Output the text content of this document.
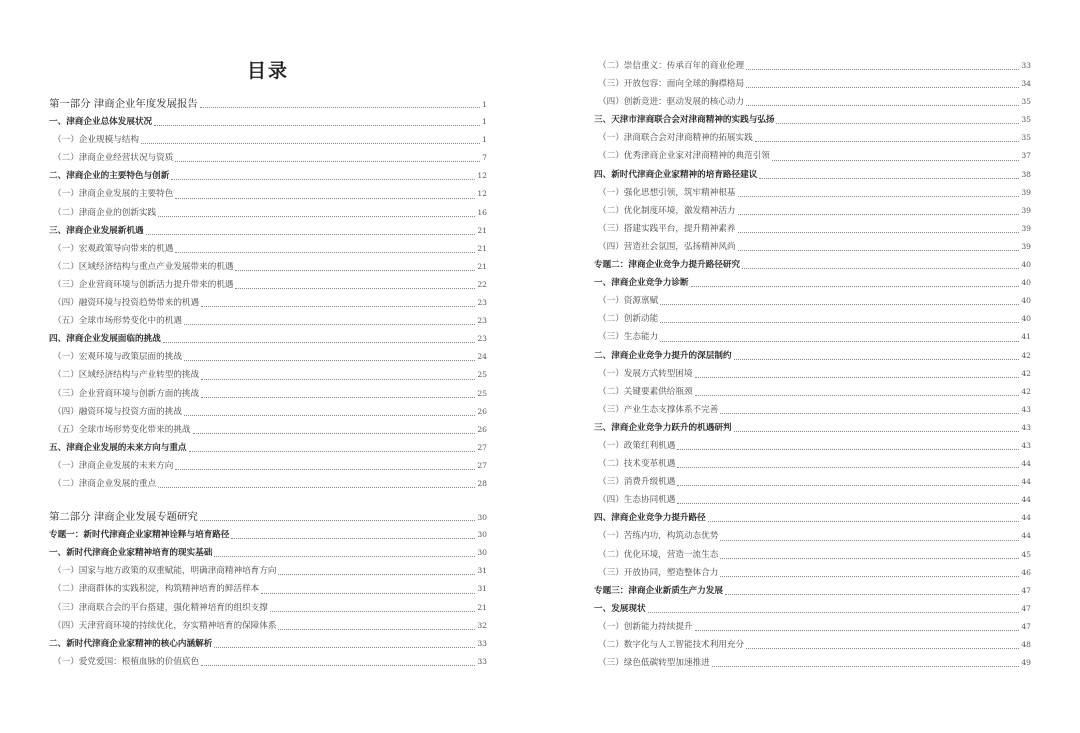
目录
第一部分 津商企业年度发展报告	1
一、津商企业总体发展状况	1
（一）企业规模与结构	1
（二）津商企业经营状况与资质	7
二、津商企业的主要特色与创新	12
（一）津商企业发展的主要特色	12
（二）津商企业的创新实践	16
三、津商企业发展新机遇	21
（一）宏观政策导向带来的机遇	21
（二）区域经济结构与重点产业发展带来的机遇	21
（三）企业营商环境与创新活力提升带来的机遇	22
（四）融资环境与投资趋势带来的机遇	23
（五）全球市场形势变化中的机遇	23
四、津商企业发展面临的挑战	23
（一）宏观环境与政策层面的挑战	24
（二）区域经济结构与产业转型的挑战	25
（三）企业营商环境与创新方面的挑战	25
（四）融资环境与投资方面的挑战	26
（五）全球市场形势变化带来的挑战	26
五、津商企业发展的未来方向与重点	27
（一）津商企业发展的未来方向	27
（二）津商企业发展的重点	28
第二部分 津商企业发展专题研究	30
专题一：新时代津商企业家精神诠释与培育路径	30
一、新时代津商企业家精神培育的现实基础	30
（一）国家与地方政策的双重赋能，明确津商精神培育方向	31
（二）津商群体的实践积淀，构筑精神培育的鲜活样本	31
（三）津商联合会的平台搭建，强化精神培育的组织支撑	21
（四）天津营商环境的持续优化，夯实精神培育的保障体系	32
二、新时代津商企业家精神的核心内涵解析	33
（一）爱党爱国：根植血脉的价值底色	33
（二）崇信重义：传承百年的商业伦理	33
（三）开放包容：面向全球的胸襟格局	34
（四）创新竞进：驱动发展的核心动力	35
三、天津市津商联合会对津商精神的实践与弘扬	35
（一）津商联合会对津商精神的拓展实践	35
（二）优秀津商企业家对津商精神的典范引领	37
四、新时代津商企业家精神的培育路径建议	38
（一）强化思想引领，筑牢精神根基	39
（二）优化制度环境，激发精神活力	39
（三）搭建实践平台，提升精神素养	39
（四）营造社会氛围，弘扬精神风尚	39
专题二：津商企业竞争力提升路径研究	40
一、津商企业竞争力诊断	40
（一）资源禀赋	40
（二）创新动能	40
（三）生态能力	41
二、津商企业竞争力提升的深层制约	42
（一）发展方式转型困境	42
（二）关键要素供给瓶颈	42
（三）产业生态支撑体系不完善	43
三、津商企业竞争力跃升的机遇研判	43
（一）政策红利机遇	43
（二）技术变革机遇	44
（三）消费升级机遇	44
（四）生态协同机遇	44
四、津商企业竞争力提升路径	44
（一）苦练内功，构筑动态优势	44
（二）优化环境，营造一流生态	45
（三）开放协同，塑造整体合力	46
专题三：津商企业新质生产力发展	47
一、发展现状	47
（一）创新能力持续提升	47
（二）数字化与人工智能技术利用充分	48
（三）绿色低碳转型加速推进	49
